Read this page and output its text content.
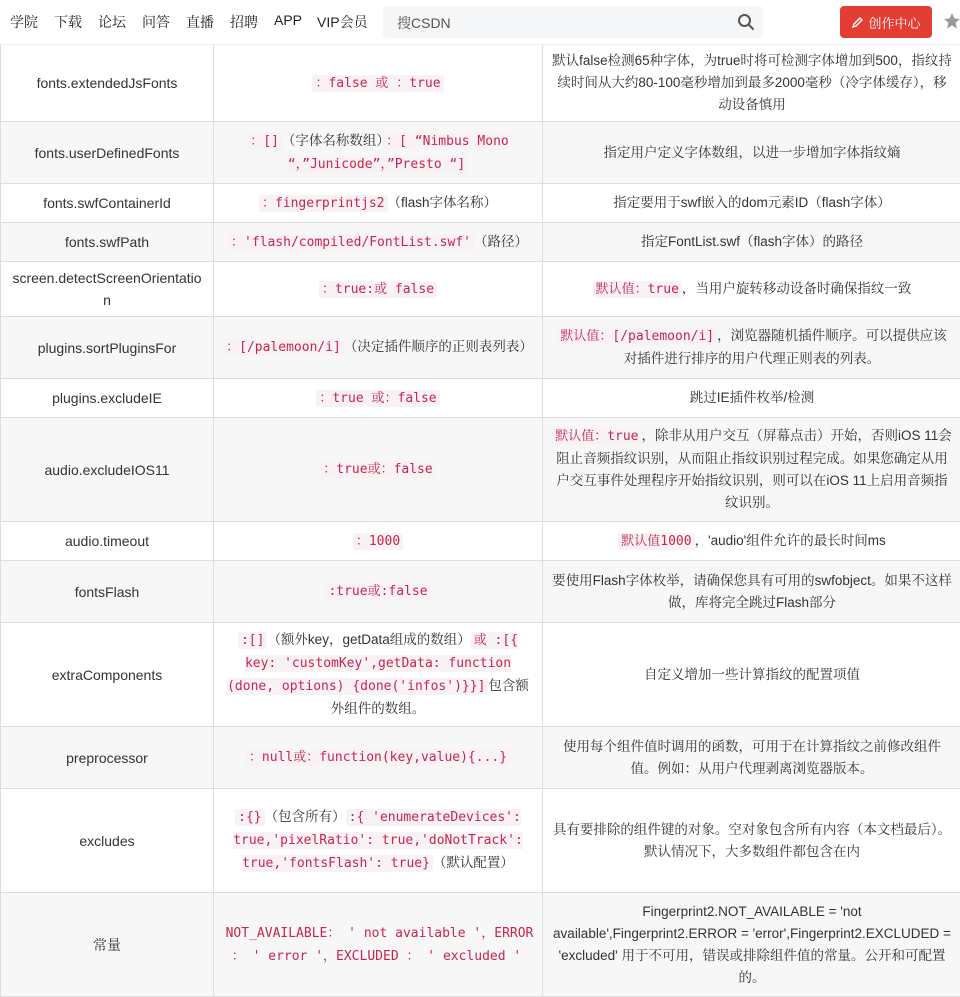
学院 下载 论坛 问答 直播 招聘 APP VIP会员
搜CSDN	创作中心
fonts.extendedJsFonts	：false 或 ：true	默认false检测65种字体，为true时将可检测字体增加到500，指纹持续时间从大约80-100毫秒增加到最多2000毫秒（冷字体缓存），移动设备慎用
fonts.userDefinedFonts	：[] （字体名称数组） ：[ “Nimbus Mono “，”Junicode”，”Presto “]	指定用户定义字体数组，以进一步增加字体指纹熵
fonts.swfContainerId	：fingerprintjs2 （flash字体名称）	指定要用于swf嵌入的dom元素ID（flash字体）
fonts.swfPath	：'flash/compiled/FontList.swf' （路径）	指定FontList.swf（flash字体）的路径
screen.detectScreenOrientation	：true:或 false	默认值：true ，当用户旋转移动设备时确保指纹一致
plugins.sortPluginsFor	：[/palemoon/i] （决定插件顺序的正则表列表）	默认值：[/palemoon/i] ，浏览器随机插件顺序。可以提供应该对插件进行排序的用户代理正则表的列表。
plugins.excludeIE	：true 或：false	跳过IE插件枚举/检测
audio.excludeIOS11	：true或：false	默认值：true ，除非从用户交互（屏幕点击）开始，否则iOS 11会阻止音频指纹识别，从而阻止指纹识别过程完成。如果您确定从用户交互事件处理程序开始指纹识别，则可以在iOS 11上启用音频指纹识别。
audio.timeout	：1000	默认值1000 ，'audio'组件允许的最长时间ms
fontsFlash	:true或:false	要使用Flash字体枚举，请确保您具有可用的swfobject。如果不这样做，库将完全跳过Flash部分
extraComponents	:[] （额外key，getData组成的数组） 或 :[{ key: 'customKey',getData: function (done, options) {done('infos')}}] 包含额外组件的数组。	自定义增加一些计算指纹的配置项值
preprocessor	：null或：function(key,value){...}	使用每个组件值时调用的函数，可用于在计算指纹之前修改组件值。例如：从用户代理剥离浏览器版本。
excludes	:{} （包含所有） :{ 'enumerateDevices': true,'pixelRatio': true,'doNotTrack': true,'fontsFlash': true} （默认配置）	具有要排除的组件键的对象。空对象包含所有内容（本文档最后）。默认情况下，大多数组件都包含在内
常量	NOT_AVAILABLE： ' not available '，ERROR ： ' error '，EXCLUDED ： ' excluded '	Fingerprint2.NOT_AVAILABLE = 'not available',Fingerprint2.ERROR = 'error',Fingerprint2.EXCLUDED = 'excluded' 用于不可用，错误或排除组件值的常量。公开和可配置的。
